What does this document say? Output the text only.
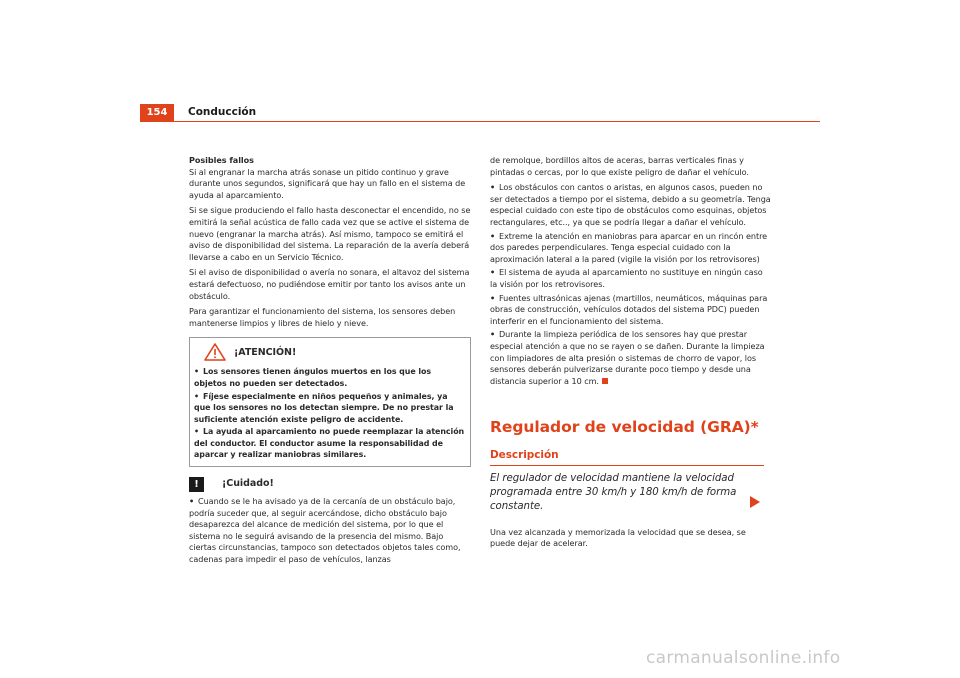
154	Conducción
Posibles fallos

Si al engranar la marcha atrás sonase un pitido continuo y grave durante unos segundos, significará que hay un fallo en el sistema de ayuda al aparcamiento.

Si se sigue produciendo el fallo hasta desconectar el encendido, no se emitirá la señal acústica de fallo cada vez que se active el sistema de nuevo (engranar la marcha atrás). Así mismo, tampoco se emitirá el aviso de disponibilidad del sistema. La reparación de la avería deberá llevarse a cabo en un Servicio Técnico.

Si el aviso de disponibilidad o avería no sonara, el altavoz del sistema estará defectuoso, no pudiéndose emitir por tanto los avisos ante un obstáculo.

Para garantizar el funcionamiento del sistema, los sensores deben mantenerse limpios y libres de hielo y nieve.

¡ATENCIÓN!
• Los sensores tienen ángulos muertos en los que los objetos no pueden ser detectados.
• Fíjese especialmente en niños pequeños y animales, ya que los sensores no los detectan siempre. De no prestar la suficiente atención existe peligro de accidente.
• La ayuda al aparcamiento no puede reemplazar la atención del conductor. El conductor asume la responsabilidad de aparcar y realizar maniobras similares.
!	¡Cuidado!
• Cuando se le ha avisado ya de la cercanía de un obstáculo bajo, podría suceder que, al seguir acercándose, dicho obstáculo bajo desaparezca del alcance de medición del sistema, por lo que el sistema no le seguirá avisando de la presencia del mismo. Bajo ciertas circunstancias, tampoco son detectados objetos tales como, cadenas para impedir el paso de vehículos, lanzas

de remolque, bordillos altos de aceras, barras verticales finas y pintadas o cercas, por lo que existe peligro de dañar el vehículo.

• Los obstáculos con cantos o aristas, en algunos casos, pueden no ser detectados a tiempo por el sistema, debido a su geometría. Tenga especial cuidado con este tipo de obstáculos como esquinas, objetos rectangulares, etc.., ya que se podría llegar a dañar el vehículo.
• Extreme la atención en maniobras para aparcar en un rincón entre dos paredes perpendiculares. Tenga especial cuidado con la aproximación lateral a la pared (vigile la visión por los retrovisores)
• El sistema de ayuda al aparcamiento no sustituye en ningún caso la visión por los retrovisores.
• Fuentes ultrasónicas ajenas (martillos, neumáticos, máquinas para obras de construcción, vehículos dotados del sistema PDC) pueden interferir en el funcionamiento del sistema.
• Durante la limpieza periódica de los sensores hay que prestar especial atención a que no se rayen o se dañen. Durante la limpieza con limpiadores de alta presión o sistemas de chorro de vapor, los sensores deberán pulverizarse durante poco tiempo y desde una distancia superior a 10 cm.
Regulador de velocidad (GRA)*
Descripción

El regulador de velocidad mantiene la velocidad programada entre 30 km/h y 180 km/h de forma constante.

Una vez alcanzada y memorizada la velocidad que se desea, se puede dejar de acelerar.

carmanualsonline.info
